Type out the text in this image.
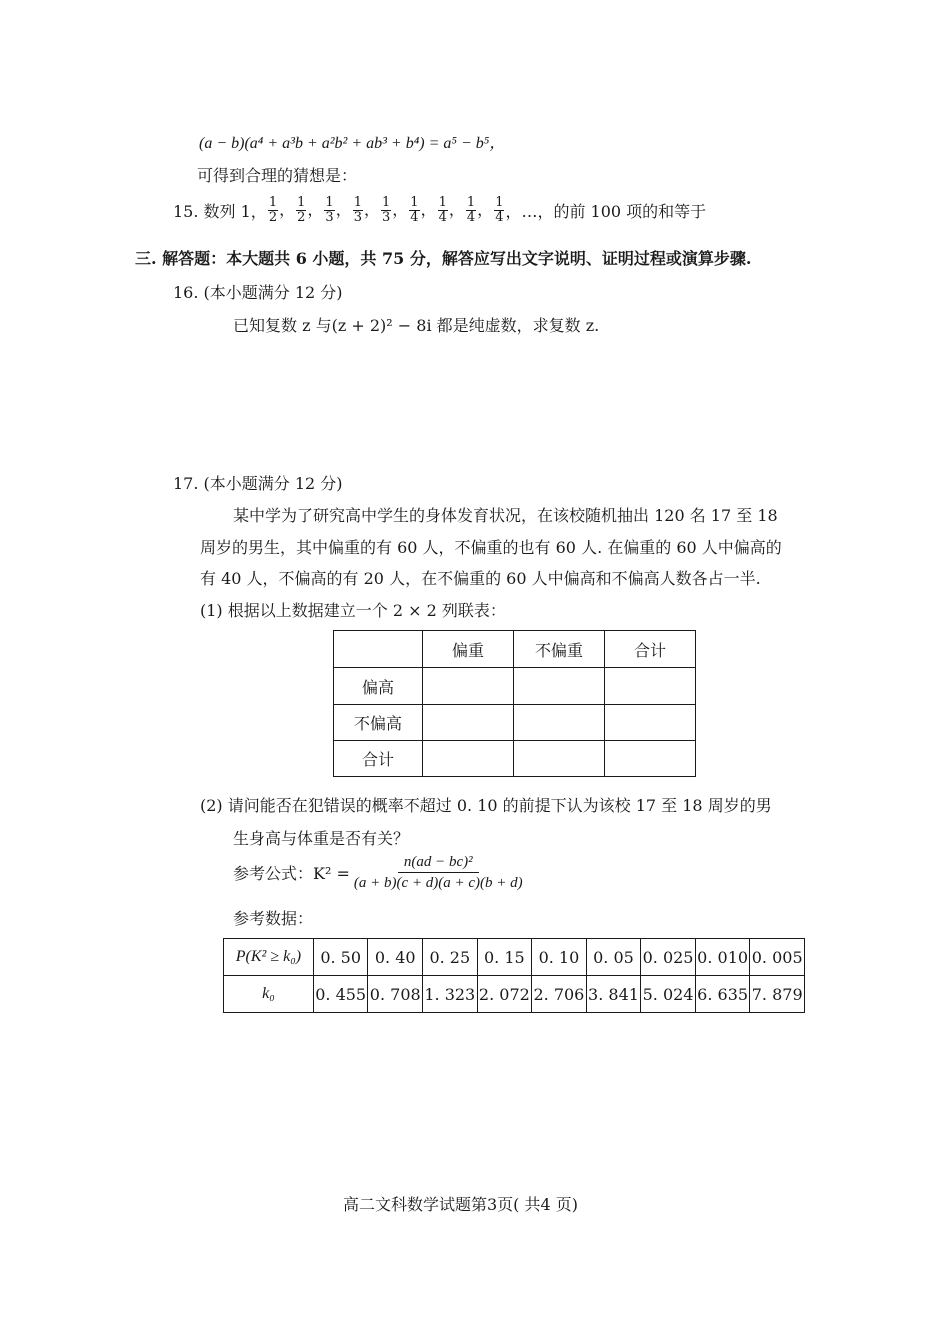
(a − b)(a⁴ + a³b + a²b² + ab³ + b⁴) = a⁵ − b⁵，
可得到合理的猜想是：
15. 数列 1， $\frac{1}{2}$ ， $\frac{1}{2}$ ， $\frac{1}{3}$ ， $\frac{1}{3}$ ， $\frac{1}{3}$ ， $\frac{1}{4}$ ， $\frac{1}{4}$ ， $\frac{1}{4}$ ， $\frac{1}{4}$ ，…，的前 100 项的和等于
三. 解答题：本大题共 6 小题，共 75 分，解答应写出文字说明、证明过程或演算步骤.
16. (本小题满分 12 分)
已知复数 z 与(z + 2)² − 8i 都是纯虚数，求复数 z.
17. (本小题满分 12 分)
某中学为了研究高中学生的身体发育状况，在该校随机抽出 120 名 17 至 18
周岁的男生，其中偏重的有 60 人，不偏重的也有 60 人. 在偏重的 60 人中偏高的
有 40 人，不偏高的有 20 人，在不偏重的 60 人中偏高和不偏高人数各占一半.
(1) 根据以上数据建立一个 2 × 2 列联表：
	偏重	不偏重	合计
偏高			
不偏高			
合计			
(2) 请问能否在犯错误的概率不超过 0. 10 的前提下认为该校 17 至 18 周岁的男
生身高与体重是否有关？
参考公式：$K^2 = \frac{\text{n(ad − bc)²}}{(a + b)(c + d)(a + c)(b + d)}$
参考数据：
P(K² ≥ k₀)	0. 50	0. 40	0. 25	0. 15	0. 10	0. 05	0. 025	0. 010	0. 005
k₀	0. 455	0. 708	1. 323	2. 072	2. 706	3. 841	5. 024	6. 635	7. 879
高二文科数学试题第3页( 共4 页)
